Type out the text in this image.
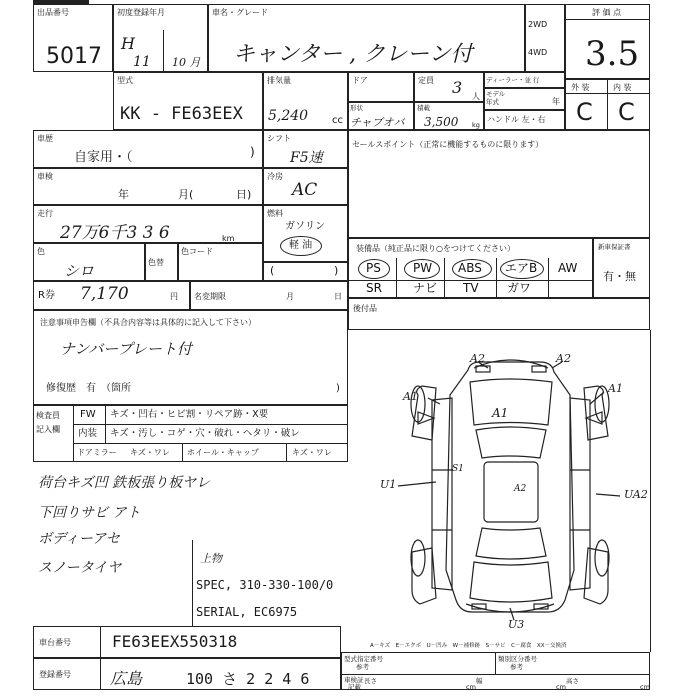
出品番号
5017
初度登録年月
H
11 10 月
車名・グレード
キャンター , クレーン付
2WD
4WD
評 価 点
3.5
型式
KK - FE63EEX
排気量
5,240 cc
ドア	定員 3 人
ディーラー・並 行
モデル
年式	年
形状
チャブオバ
積載
3,500 kg
ハンドル 左・右
外 装	内 装
C C
車歴
自家用・（	)
シフト
F5速
セールスポイント（正常に機能するものに限ります）
車検
年	月(	日)
冷房
AC
走行
27万6千3 3 6	km
燃料
ガソリン
軽 油
色
シロ	色替
色コード
(	)
装備品（純正品に限り○をつけてください）
PS	PW ABS エアB AW
SR	ナビ TV ガワ
新車保証書
有・無
R券 7,170	円 名変期限	月	日
後付品
注意事項申告欄（不具合内容等は具体的に記入して下さい）
ナンバープレート付
修復歴　有　（箇所	)
検査員
記入欄
FW キズ・凹右・ヒビ割・リペア跡・X要
内装 キズ・汚し・コゲ・穴・破れ・ヘタリ・破レ
ドアミラー キズ・ワレ ホイール・キャップ	キズ・ワレ
荷台キズ凹 鉄板張り板ヤレ
下回りサビ アト
ボディーアセ
スノータイヤ
上物
SPEC, 310-330-100/0
SERIAL, EC6975
車台番号	FE63EEX550318
登録番号 広島	100 さ 2 2 4 6
A－キズ　E－エクボ　U－凹み　W－補修跡　S－サビ　C－腐食　XX－交換済
型式指定番号
参考
類別区分番号
参考
車検証
記載
長さ
cm
幅
cm
高さ
cm
A2	A2
A1
A1
A1
S1
U1	A2	UA2
U3
